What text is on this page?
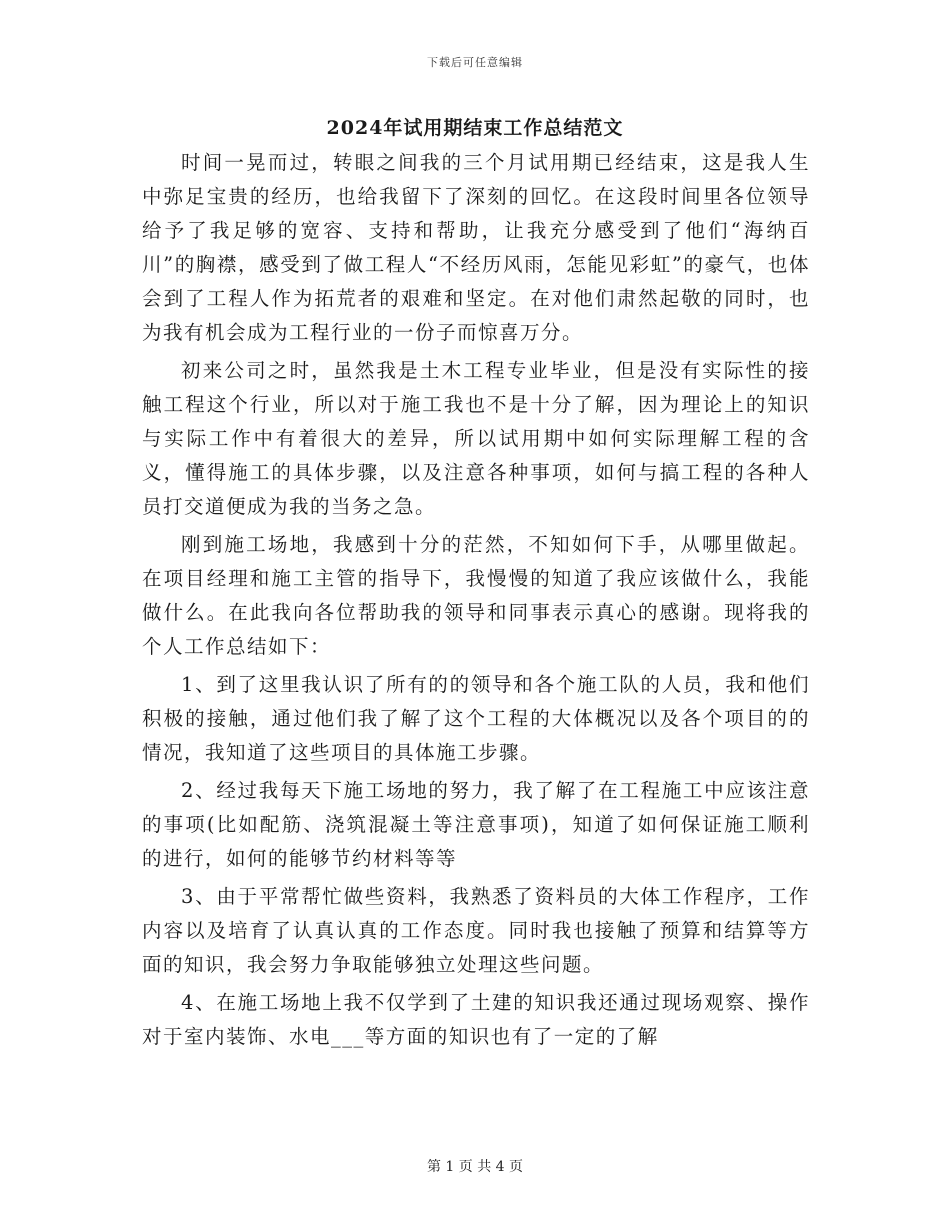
下载后可任意编辑
2024年试用期结束工作总结范文

时间一晃而过，转眼之间我的三个月试用期已经结束，这是我人生中弥足宝贵的经历，也给我留下了深刻的回忆。在这段时间里各位领导给予了我足够的宽容、支持和帮助，让我充分感受到了他们“海纳百川”的胸襟，感受到了做工程人“不经历风雨，怎能见彩虹”的豪气，也体会到了工程人作为拓荒者的艰难和坚定。在对他们肃然起敬的同时，也为我有机会成为工程行业的一份子而惊喜万分。

初来公司之时，虽然我是土木工程专业毕业，但是没有实际性的接触工程这个行业，所以对于施工我也不是十分了解，因为理论上的知识与实际工作中有着很大的差异，所以试用期中如何实际理解工程的含义，懂得施工的具体步骤，以及注意各种事项，如何与搞工程的各种人员打交道便成为我的当务之急。

刚到施工场地，我感到十分的茫然，不知如何下手，从哪里做起。在项目经理和施工主管的指导下，我慢慢的知道了我应该做什么，我能做什么。在此我向各位帮助我的领导和同事表示真心的感谢。现将我的个人工作总结如下：

1、到了这里我认识了所有的的领导和各个施工队的人员，我和他们积极的接触，通过他们我了解了这个工程的大体概况以及各个项目的的情况，我知道了这些项目的具体施工步骤。

2、经过我每天下施工场地的努力，我了解了在工程施工中应该注意的事项(比如配筋、浇筑混凝土等注意事项)，知道了如何保证施工顺利的进行，如何的能够节约材料等等

3、由于平常帮忙做些资料，我熟悉了资料员的大体工作程序，工作内容以及培育了认真认真的工作态度。同时我也接触了预算和结算等方面的知识，我会努力争取能够独立处理这些问题。

4、在施工场地上我不仅学到了土建的知识我还通过现场观察、操作对于室内装饰、水电___等方面的知识也有了一定的了解

第 1 页 共 4 页
